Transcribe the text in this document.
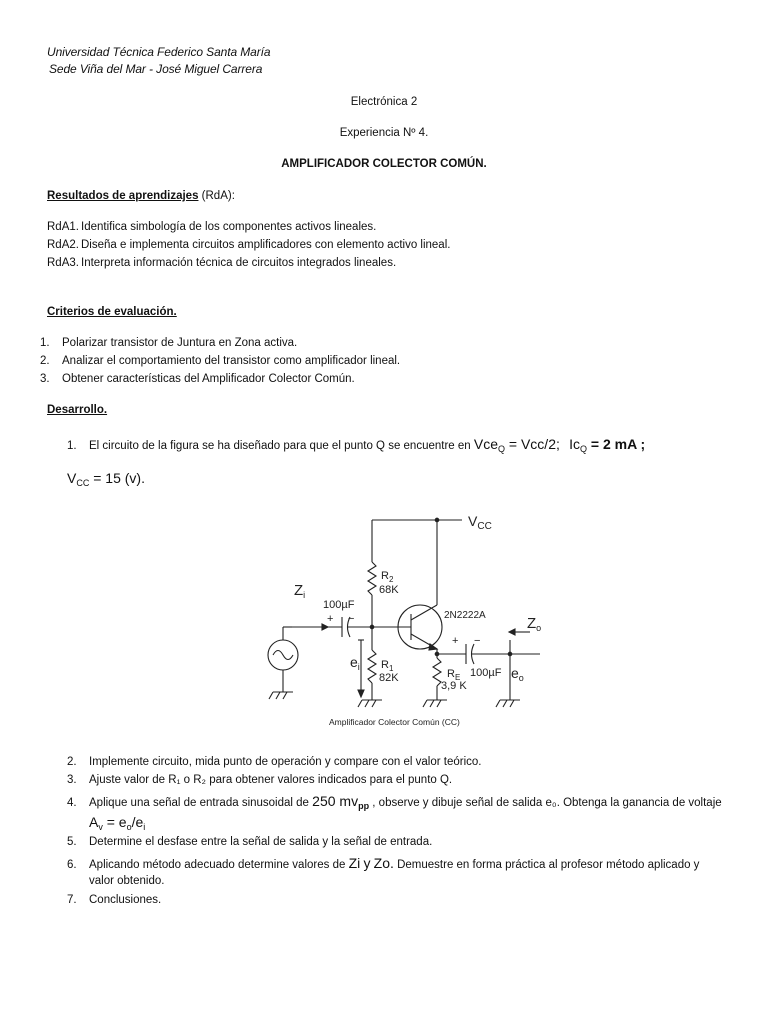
Universidad Técnica Federico Santa María
Sede Viña del Mar - José Miguel Carrera
Electrónica 2
Experiencia Nº 4.
AMPLIFICADOR COLECTOR COMÚN.
Resultados de aprendizajes (RdA):
RdA1. Identifica simbología de los componentes activos lineales.
RdA2. Diseña e implementa circuitos amplificadores con elemento activo lineal.
RdA3. Interpreta información técnica de circuitos integrados lineales.
Criterios de evaluación.
1. Polarizar transistor de Juntura en Zona activa.
2. Analizar el comportamiento del transistor como amplificador lineal.
3. Obtener características del Amplificador Colector Común.
Desarrollo.
1. El circuito de la figura se ha diseñado para que el punto Q se encuentre en Vce$_Q$ = Vcc/2; $Ic_Q = 2$ mA ;
$V_{CC} = 15$ (v).
$V_{CC}$
$Z_i$
100µF
+ −
$R_2$
68K
$R_1$
82K
$e_i$
2N2222A
$R_E$
3,9 K
+ −
100µF $e_o$
$Z_o$
Amplificador Colector Común (CC)
2. Implemente circuito, mida punto de operación y compare con el valor teórico.
3. Ajuste valor de R₁ o R₂ para obtener valores indicados para el punto Q.
4. Aplique una señal de entrada sinusoidal de 250 $mv_{pp}$ , observe y dibuje señal de salida e₀. Obtenga la ganancia de voltaje
$A_v = e_o/e_i$
5. Determine el desfase entre la señal de salida y la señal de entrada.
6. Aplicando método adecuado determine valores de Zi y Zo. Demuestre en forma práctica al profesor método aplicado y
valor obtenido.
7. Conclusiones.
